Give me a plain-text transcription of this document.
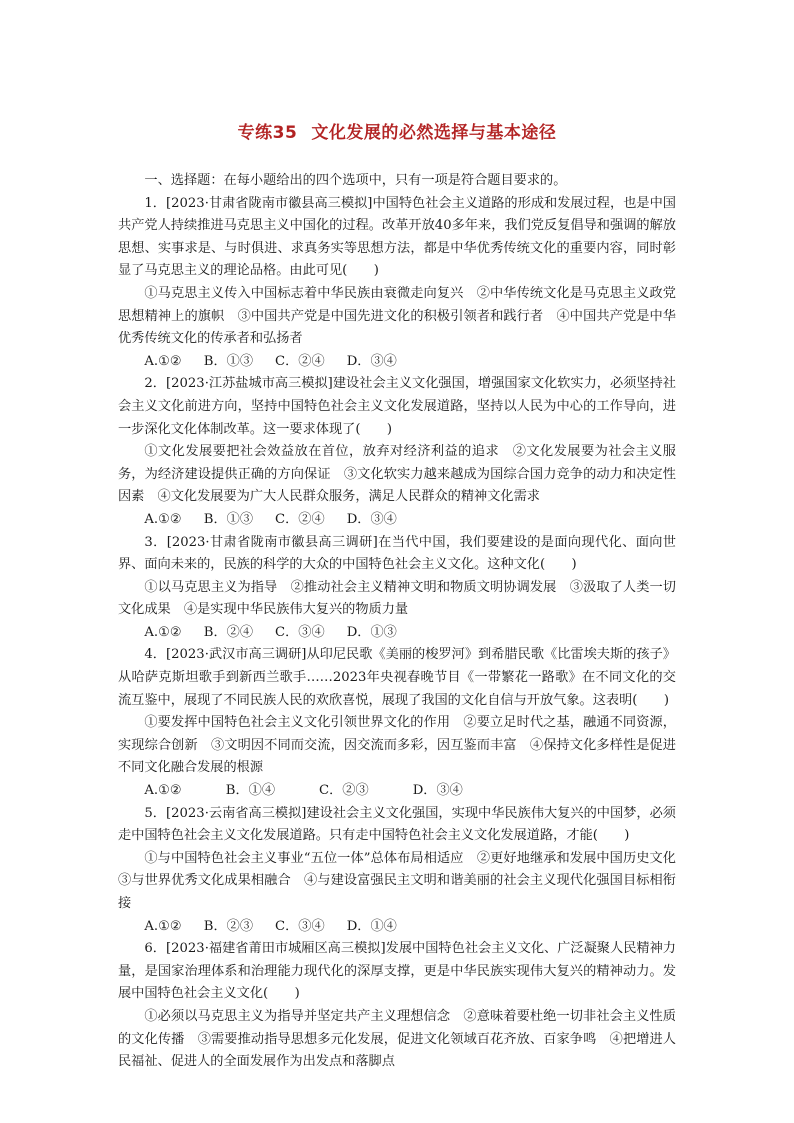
专练35 文化发展的必然选择与基本途径

一、选择题：在每小题给出的四个选项中，只有一项是符合题目要求的。

1．[2023·甘肃省陇南市徽县高三模拟]中国特色社会主义道路的形成和发展过程，也是中国共产党人持续推进马克思主义中国化的过程。改革开放40多年来，我们党反复倡导和强调的解放思想、实事求是、与时俱进、求真务实等思想方法，都是中华优秀传统文化的重要内容，同时彰显了马克思主义的理论品格。由此可见(　　)

①马克思主义传入中国标志着中华民族由衰微走向复兴　②中华传统文化是马克思主义政党思想精神上的旗帜　③中国共产党是中国先进文化的积极引领者和践行者　④中国共产党是中华优秀传统文化的传承者和弘扬者

A.①② B．①③ C．②④ D．③④

2．[2023·江苏盐城市高三模拟]建设社会主义文化强国，增强国家文化软实力，必须坚持社会主义文化前进方向，坚持中国特色社会主义文化发展道路，坚持以人民为中心的工作导向，进一步深化文化体制改革。这一要求体现了(　　)

①文化发展要把社会效益放在首位，放弃对经济利益的追求　②文化发展要为社会主义服务，为经济建设提供正确的方向保证　③文化软实力越来越成为国综合国力竞争的动力和决定性因素　④文化发展要为广大人民群众服务，满足人民群众的精神文化需求

A.①② B．①③ C．②④ D．③④

3．[2023·甘肃省陇南市徽县高三调研]在当代中国，我们要建设的是面向现代化、面向世界、面向未来的，民族的科学的大众的中国特色社会主义文化。这种文化(　　)

①以马克思主义为指导　②推动社会主义精神文明和物质文明协调发展　③汲取了人类一切文化成果　④是实现中华民族伟大复兴的物质力量

A.①② B．②④ C．③④ D．①③

4．[2023·武汉市高三调研]从印尼民歌《美丽的梭罗河》到希腊民歌《比雷埃夫斯的孩子》从哈萨克斯坦歌手到新西兰歌手……2023年央视春晚节目《一带繁花一路歌》在不同文化的交流互鉴中，展现了不同民族人民的欢欣喜悦，展现了我国的文化自信与开放气象。这表明(　　)

①要发挥中国特色社会主义文化引领世界文化的作用　②要立足时代之基，融通不同资源，实现综合创新　③文明因不同而交流，因交流而多彩，因互鉴而丰富　④保持文化多样性是促进不同文化融合发展的根源

A.①②	B．①④	C．②③	D．③④

5．[2023·云南省高三模拟]建设社会主义文化强国，实现中华民族伟大复兴的中国梦，必须走中国特色社会主义文化发展道路。只有走中国特色社会主义文化发展道路，才能(　　)

①与中国特色社会主义事业“五位一体”总体布局相适应　②更好地继承和发展中国历史文化　③与世界优秀文化成果相融合　④与建设富强民主文明和谐美丽的社会主义现代化强国目标相衔接

A.①② B．②③ C．③④ D．①④

6．[2023·福建省莆田市城厢区高三模拟]发展中国特色社会主义文化、广泛凝聚人民精神力量，是国家治理体系和治理能力现代化的深厚支撑，更是中华民族实现伟大复兴的精神动力。发展中国特色社会主义文化(　　)

①必须以马克思主义为指导并坚定共产主义理想信念　②意味着要杜绝一切非社会主义性质的文化传播　③需要推动指导思想多元化发展，促进文化领域百花齐放、百家争鸣　④把增进人民福祉、促进人的全面发展作为出发点和落脚点
